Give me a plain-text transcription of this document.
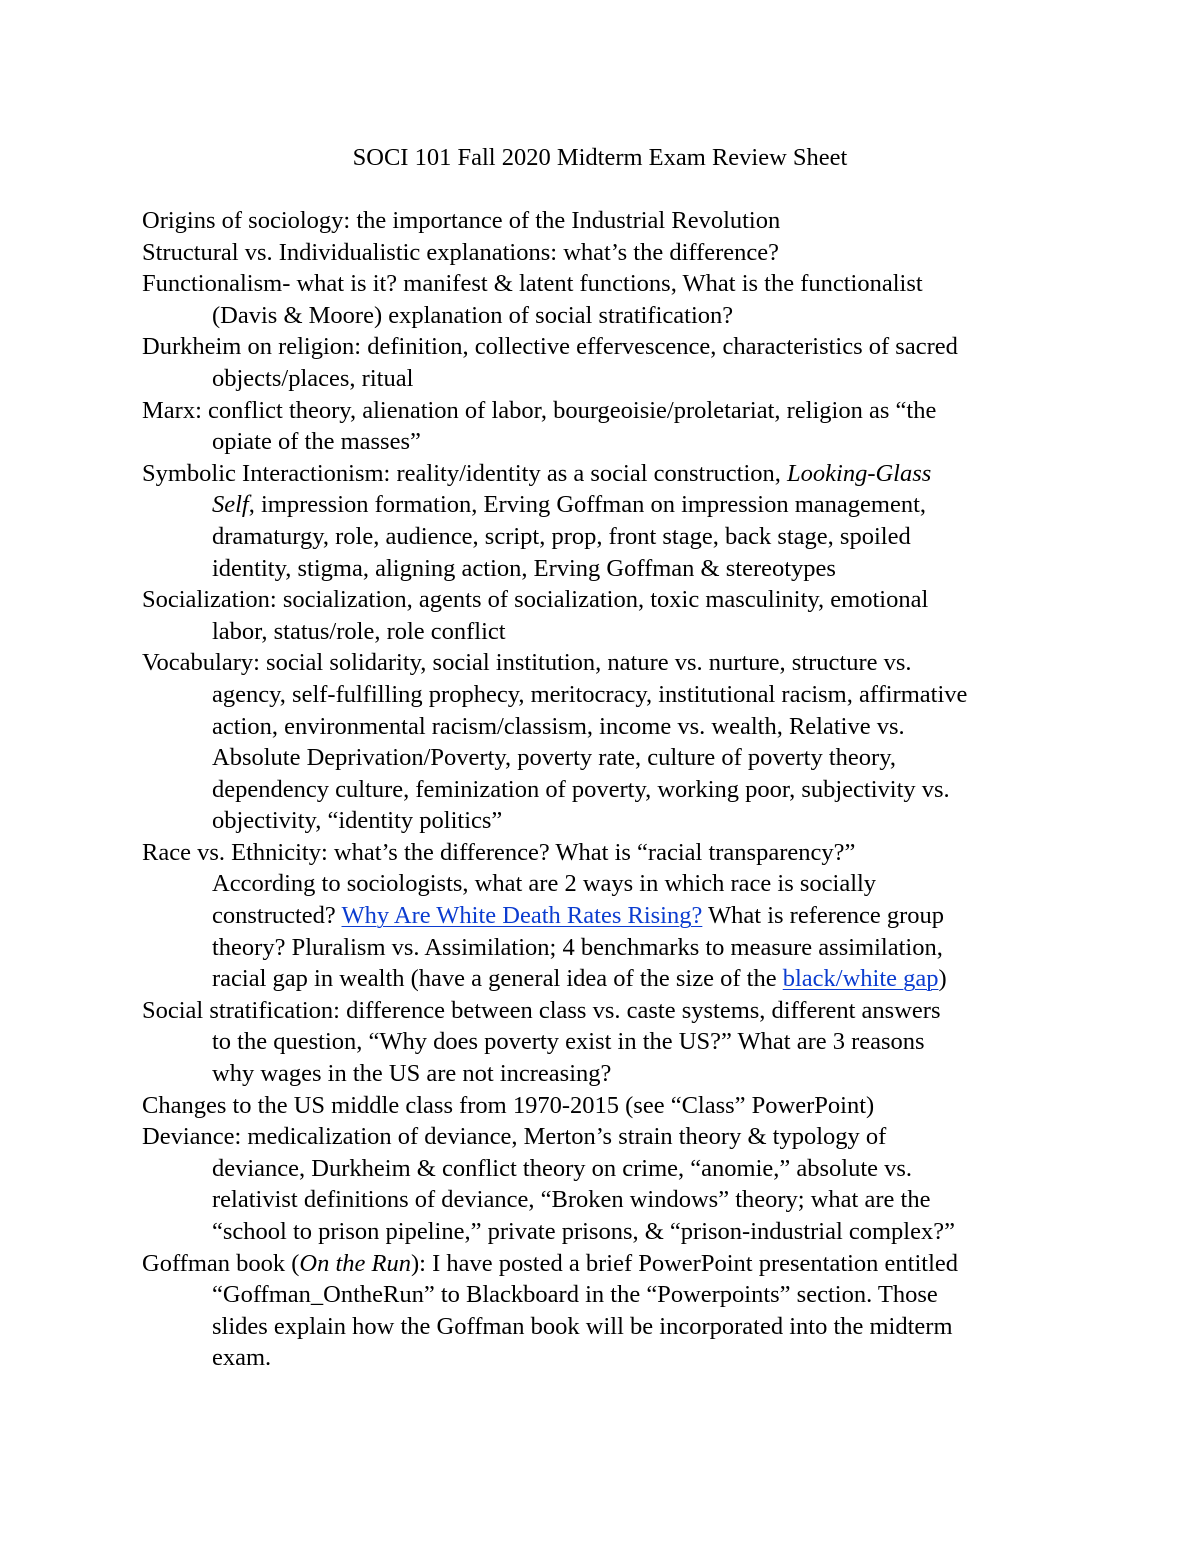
SOCI 101 Fall 2020 Midterm Exam Review Sheet
Origins of sociology: the importance of the Industrial Revolution
Structural vs. Individualistic explanations: what’s the difference?
Functionalism- what is it? manifest & latent functions, What is the functionalist
(Davis & Moore) explanation of social stratification?
Durkheim on religion: definition, collective effervescence, characteristics of sacred
objects/places, ritual
Marx: conflict theory, alienation of labor, bourgeoisie/proletariat, religion as “the
opiate of the masses”
Symbolic Interactionism: reality/identity as a social construction, Looking-Glass
Self, impression formation, Erving Goffman on impression management,
dramaturgy, role, audience, script, prop, front stage, back stage, spoiled
identity, stigma, aligning action, Erving Goffman & stereotypes
Socialization: socialization, agents of socialization, toxic masculinity, emotional
labor, status/role, role conflict
Vocabulary: social solidarity, social institution, nature vs. nurture, structure vs.
agency, self-fulfilling prophecy, meritocracy, institutional racism, affirmative
action, environmental racism/classism, income vs. wealth, Relative vs.
Absolute Deprivation/Poverty, poverty rate, culture of poverty theory,
dependency culture, feminization of poverty, working poor, subjectivity vs.
objectivity, “identity politics”
Race vs. Ethnicity: what’s the difference? What is “racial transparency?”
According to sociologists, what are 2 ways in which race is socially
constructed? Why Are White Death Rates Rising? What is reference group
theory? Pluralism vs. Assimilation; 4 benchmarks to measure assimilation,
racial gap in wealth (have a general idea of the size of the black/white gap)
Social stratification: difference between class vs. caste systems, different answers
to the question, “Why does poverty exist in the US?” What are 3 reasons
why wages in the US are not increasing?
Changes to the US middle class from 1970-2015 (see “Class” PowerPoint)
Deviance: medicalization of deviance, Merton’s strain theory & typology of
deviance, Durkheim & conflict theory on crime, “anomie,” absolute vs.
relativist definitions of deviance, “Broken windows” theory; what are the
“school to prison pipeline,” private prisons, & “prison-industrial complex?”
Goffman book (On the Run): I have posted a brief PowerPoint presentation entitled
“Goffman_OntheRun” to Blackboard in the “Powerpoints” section. Those
slides explain how the Goffman book will be incorporated into the midterm
exam.
